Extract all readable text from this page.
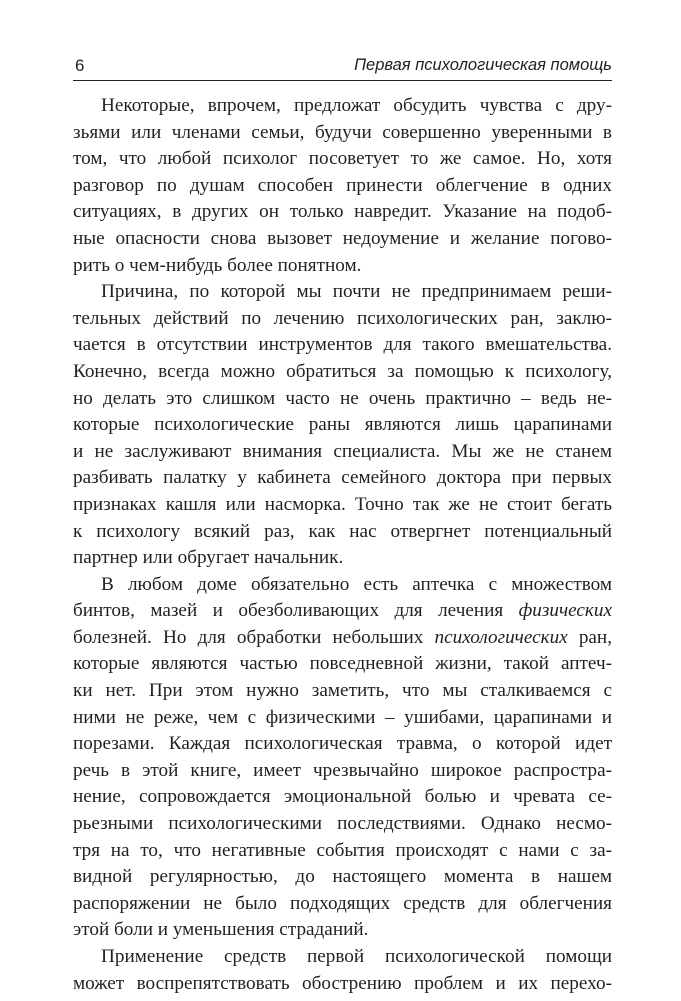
6	Первая психологическая помощь
Некоторые, впрочем, предложат обсудить чувства с дру-
зьями или членами семьи, будучи совершенно уверенными в
том, что любой психолог посоветует то же самое. Но, хотя
разговор по душам способен принести облегчение в одних
ситуациях, в других он только навредит. Указание на подоб-
ные опасности снова вызовет недоумение и желание погово-
рить о чем-нибудь более понятном.
Причина, по которой мы почти не предпринимаем реши-
тельных действий по лечению психологических ран, заклю-
чается в отсутствии инструментов для такого вмешательства.
Конечно, всегда можно обратиться за помощью к психологу,
но делать это слишком часто не очень практично – ведь не-
которые психологические раны являются лишь царапинами
и не заслуживают внимания специалиста. Мы же не станем
разбивать палатку у кабинета семейного доктора при первых
признаках кашля или насморка. Точно так же не стоит бегать
к психологу всякий раз, как нас отвергнет потенциальный
партнер или обругает начальник.
В любом доме обязательно есть аптечка с множеством
бинтов, мазей и обезболивающих для лечения физических
болезней. Но для обработки небольших психологических ран,
которые являются частью повседневной жизни, такой аптеч-
ки нет. При этом нужно заметить, что мы сталкиваемся с
ними не реже, чем с физическими – ушибами, царапинами и
порезами. Каждая психологическая травма, о которой идет
речь в этой книге, имеет чрезвычайно широкое распростра-
нение, сопровождается эмоциональной болью и чревата се-
рьезными психологическими последствиями. Однако несмо-
тря на то, что негативные события происходят с нами с за-
видной регулярностью, до настоящего момента в нашем
распоряжении не было подходящих средств для облегчения
этой боли и уменьшения страданий.
Применение средств первой психологической помощи
может воспрепятствовать обострению проблем и их перехо-
